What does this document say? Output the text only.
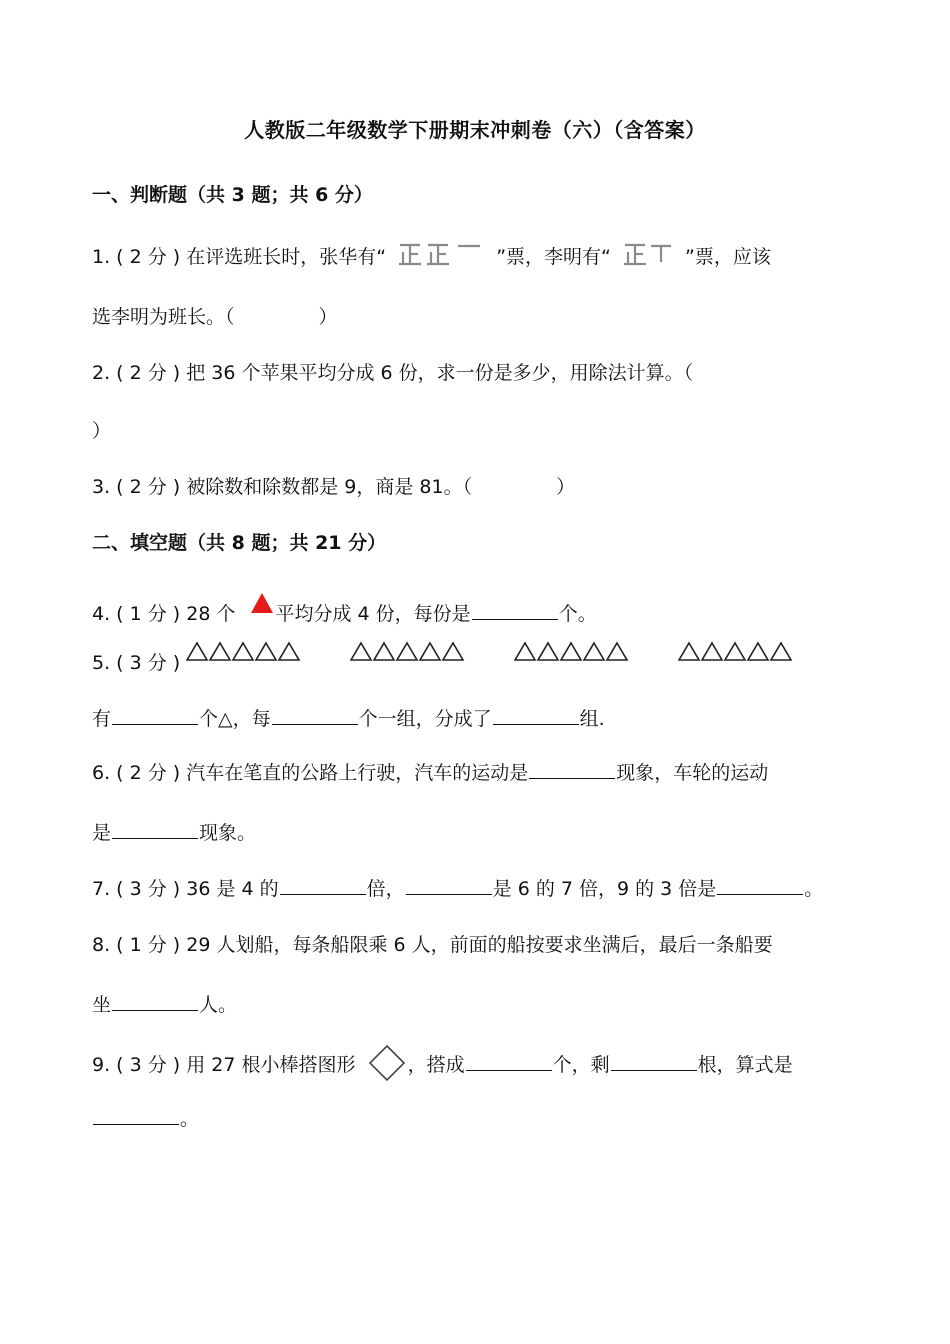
人教版二年级数学下册期末冲刺卷（六）（含答案）
一、判断题（共 3 题；共 6 分）
1. ( 2 分 ) 在评选班长时，张华有“	”票，李明有“	”票，应该
选李明为班长。（	）
2. ( 2 分 ) 把 36 个苹果平均分成 6 份，求一份是多少，用除法计算。（
）
3. ( 2 分 ) 被除数和除数都是 9，商是 81。（	）
二、填空题（共 8 题；共 21 分）
4. ( 1 分 ) 28 个 平均分成 4 份，每份是	个。
5. ( 3 分 )
有	个△，每	个一组，分成了	组.
6. ( 2 分 ) 汽车在笔直的公路上行驶，汽车的运动是	现象，车轮的运动
是	现象。
7. ( 3 分 ) 36 是 4 的	倍，	是 6 的 7 倍，9 的 3 倍是	。
8. ( 1 分 ) 29 人划船，每条船限乘 6 人，前面的船按要求坐满后，最后一条船要
坐	人。
9. ( 3 分 ) 用 27 根小棒搭图形	，搭成	个，剩	根，算式是
。
